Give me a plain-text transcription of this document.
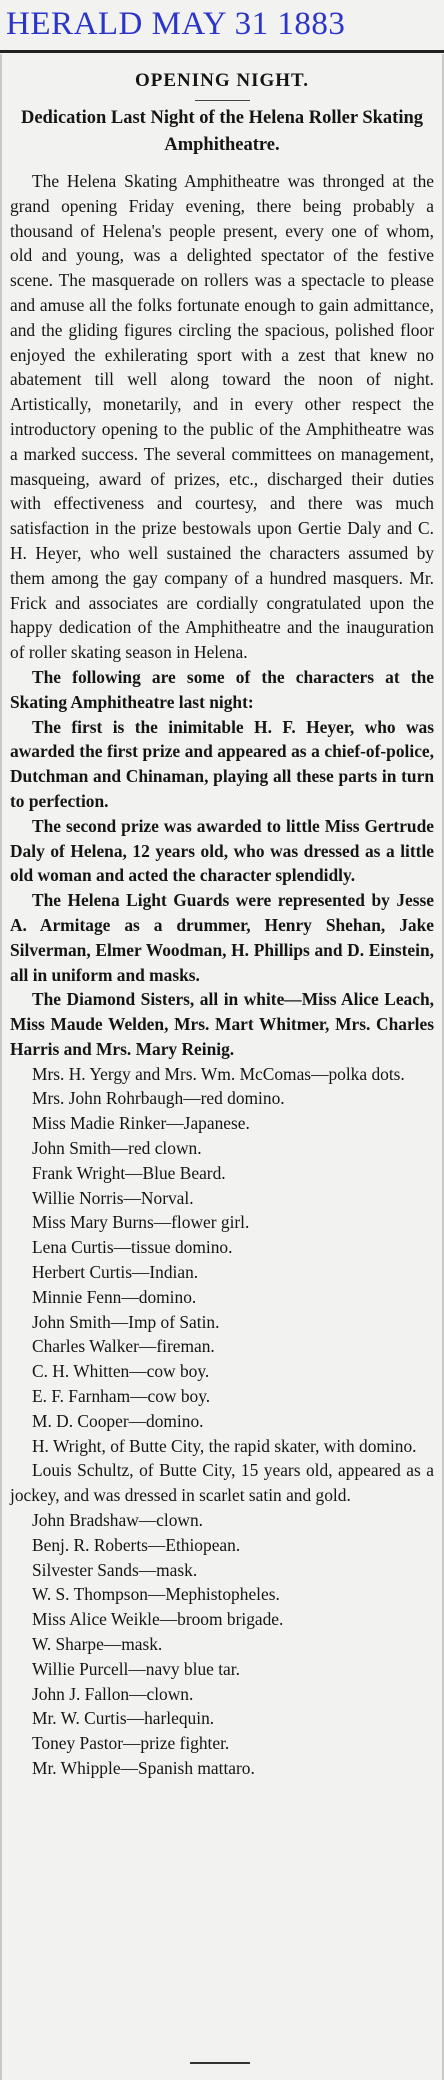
HERALD MAY 31 1883
OPENING NIGHT.
Dedication Last Night of the Helena Roller Skating Amphitheatre.

The Helena Skating Amphitheatre was thronged at the grand opening Friday evening, there being probably a thousand of Helena's people present, every one of whom, old and young, was a delighted spectator of the festive scene. The masquerade on rollers was a spectacle to please and amuse all the folks fortunate enough to gain admittance, and the gliding figures circling the spacious, polished floor enjoyed the exhilerating sport with a zest that knew no abatement till well along toward the noon of night. Artistically, monetarily, and in every other respect the introductory opening to the public of the Amphitheatre was a marked success. The several committees on management, masqueing, award of prizes, etc., discharged their duties with effectiveness and courtesy, and there was much satisfaction in the prize bestowals upon Gertie Daly and C. H. Heyer, who well sustained the characters assumed by them among the gay company of a hundred masquers. Mr. Frick and associates are cordially congratulated upon the happy dedication of the Amphitheatre and the inauguration of roller skating season in Helena.

The following are some of the characters at the Skating Amphitheatre last night:

The first is the inimitable H. F. Heyer, who was awarded the first prize and appeared as a chief-of-police, Dutchman and Chinaman, playing all these parts in turn to perfection.

The second prize was awarded to little Miss Gertrude Daly of Helena, 12 years old, who was dressed as a little old woman and acted the character splendidly.

The Helena Light Guards were represented by Jesse A. Armitage as a drummer, Henry Shehan, Jake Silverman, Elmer Woodman, H. Phillips and D. Einstein, all in uniform and masks.

The Diamond Sisters, all in white—Miss Alice Leach, Miss Maude Welden, Mrs. Mart Whitmer, Mrs. Charles Harris and Mrs. Mary Reinig.

Mrs. H. Yergy and Mrs. Wm. McComas—polka dots.

Mrs. John Rohrbaugh—red domino.

Miss Madie Rinker—Japanese.

John Smith—red clown.

Frank Wright—Blue Beard.

Willie Norris—Norval.

Miss Mary Burns—flower girl.

Lena Curtis—tissue domino.

Herbert Curtis—Indian.

Minnie Fenn—domino.

John Smith—Imp of Satin.

Charles Walker—fireman.

C. H. Whitten—cow boy.

E. F. Farnham—cow boy.

M. D. Cooper—domino.

H. Wright, of Butte City, the rapid skater, with domino.

Louis Schultz, of Butte City, 15 years old, appeared as a jockey, and was dressed in scarlet satin and gold.

John Bradshaw—clown.

Benj. R. Roberts—Ethiopean.

Silvester Sands—mask.

W. S. Thompson—Mephistopheles.

Miss Alice Weikle—broom brigade.

W. Sharpe—mask.

Willie Purcell—navy blue tar.

John J. Fallon—clown.

Mr. W. Curtis—harlequin.

Toney Pastor—prize fighter.

Mr. Whipple—Spanish mattaro.
